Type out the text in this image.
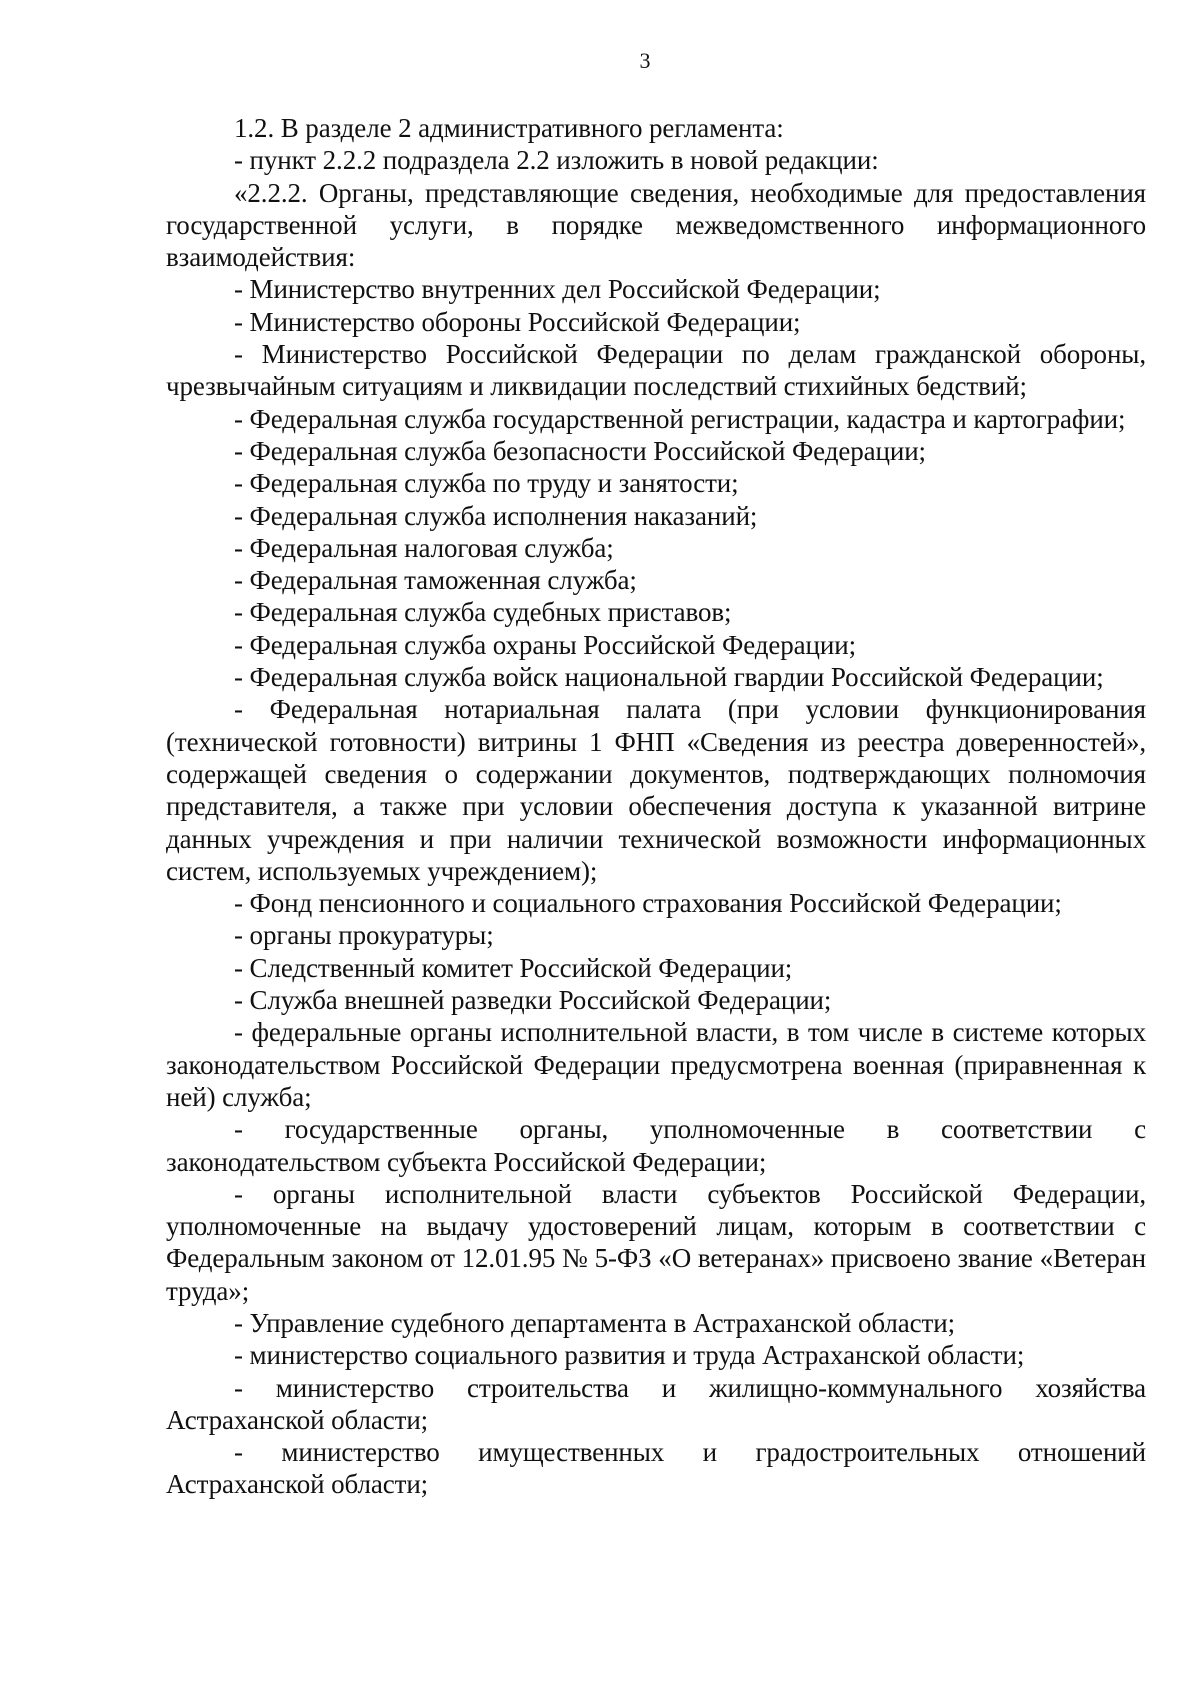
3

1.2. В разделе 2 административного регламента:

- пункт 2.2.2 подраздела 2.2 изложить в новой редакции:

«2.2.2. Органы, представляющие сведения, необходимые для предоставления государственной услуги, в порядке межведомственного информационного взаимодействия:

- Министерство внутренних дел Российской Федерации;

- Министерство обороны Российской Федерации;

- Министерство Российской Федерации по делам гражданской обороны, чрезвычайным ситуациям и ликвидации последствий стихийных бедствий;

- Федеральная служба государственной регистрации, кадастра и картографии;

- Федеральная служба безопасности Российской Федерации;

- Федеральная служба по труду и занятости;

- Федеральная служба исполнения наказаний;

- Федеральная налоговая служба;

- Федеральная таможенная служба;

- Федеральная служба судебных приставов;

- Федеральная служба охраны Российской Федерации;

- Федеральная служба войск национальной гвардии Российской Федерации;

- Федеральная нотариальная палата (при условии функционирования (технической готовности) витрины 1 ФНП «Сведения из реестра доверенностей», содержащей сведения о содержании документов, подтверждающих полномочия представителя, а также при условии обеспечения доступа к указанной витрине данных учреждения и при наличии технической возможности информационных систем, используемых учреждением);

- Фонд пенсионного и социального страхования Российской Федерации;

- органы прокуратуры;

- Следственный комитет Российской Федерации;

- Служба внешней разведки Российской Федерации;

- федеральные органы исполнительной власти, в том числе в системе которых законодательством Российской Федерации предусмотрена военная (приравненная к ней) служба;

- государственные органы, уполномоченные в соответствии с законодательством субъекта Российской Федерации;

- органы исполнительной власти субъектов Российской Федерации, уполномоченные на выдачу удостоверений лицам, которым в соответствии с Федеральным законом от 12.01.95 № 5-ФЗ «О ветеранах» присвоено звание «Ветеран труда»;

- Управление судебного департамента в Астраханской области;

- министерство социального развития и труда Астраханской области;

- министерство строительства и жилищно-коммунального хозяйства Астраханской области;

- министерство имущественных и градостроительных отношений Астраханской области;
